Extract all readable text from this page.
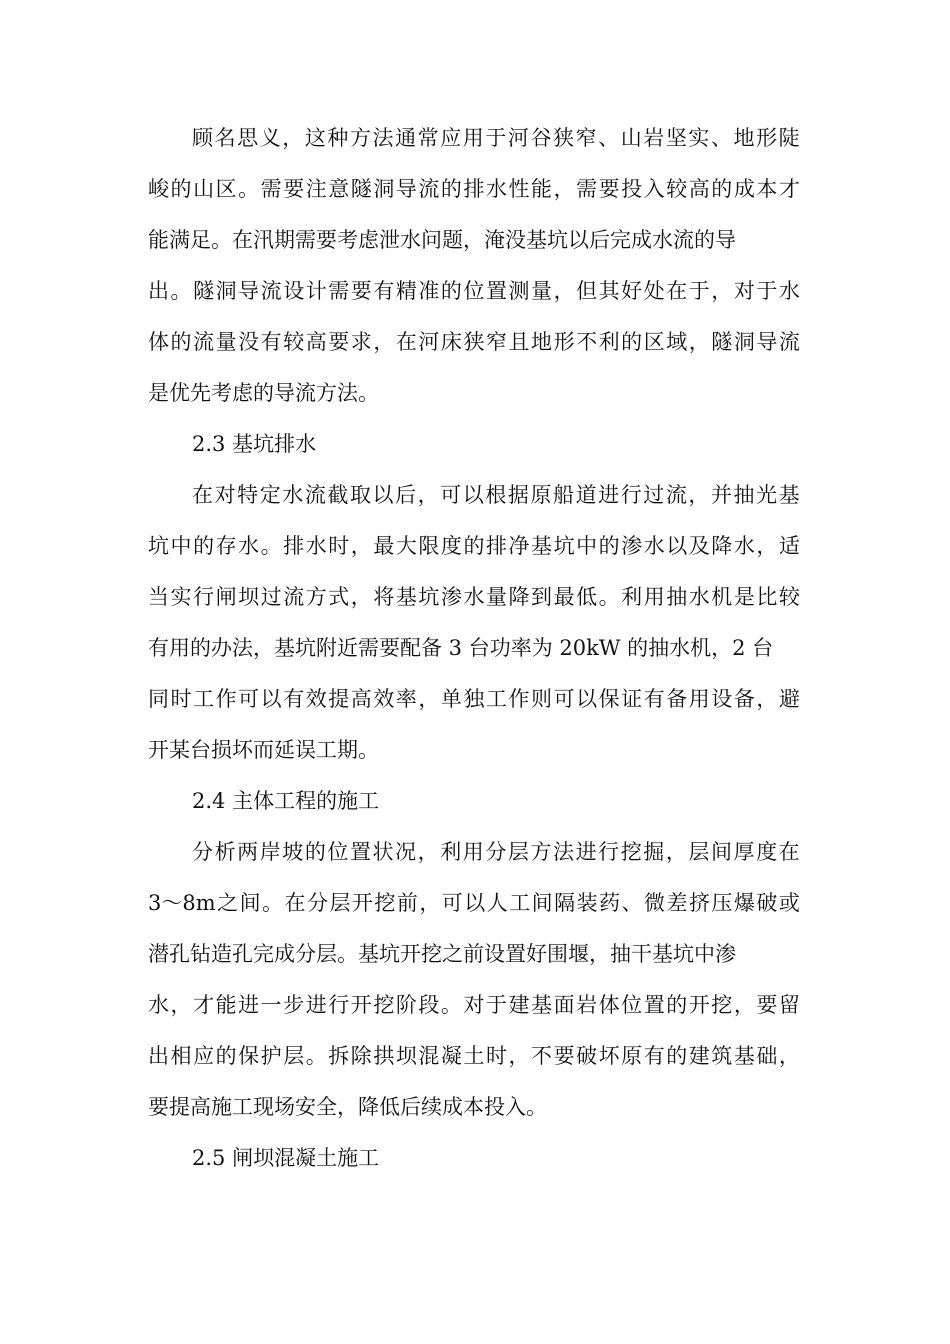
顾 名 思 义 ， 这 种 方 法 通 常 应 用 于 河 谷 狭 窄 、 山 岩 坚 实 、 地 形 陡
峻 的 山 区 。 需 要 注 意 隧 洞 导 流 的 排 水 性 能 ， 需 要 投 入 较 高 的 成 本 才
能满足。在汛期需要考虑泄水问题，淹没基坑以后完成水流的导
出 。 隧 洞 导 流 设 计 需 要 有 精 准 的 位 置 测 量 ， 但 其 好 处 在 于 ， 对 于 水
体 的 流 量 没 有 较 高 要 求 ， 在 河 床 狭 窄 且 地 形 不 利 的 区 域 ， 隧 洞 导 流
是优先考虑的导流方法。
2.3 基坑排水
在 对 特 定 水 流 截 取 以 后 ， 可 以 根 据 原 船 道 进 行 过 流 ， 并 抽 光 基
坑 中 的 存 水 。 排 水 时 ， 最 大 限 度 的 排 净 基 坑 中 的 渗 水 以 及 降 水 ， 适
当 实 行 闸 坝 过 流 方 式 ， 将 基 坑 渗 水 量 降 到 最 低 。 利 用 抽 水 机 是 比 较
有用的办法，基坑附近需要配备 3 台功率为 20kW 的抽水机，2 台
同 时 工 作 可 以 有 效 提 高 效 率 ， 单 独 工 作 则 可 以 保 证 有 备 用 设 备 ， 避
开某台损坏而延误工期。
2.4 主体工程的施工
分 析 两 岸 坡 的 位 置 状 况 ， 利 用 分 层 方 法 进 行 挖 掘 ， 层 间 厚 度 在
3～8m 之 间 。 在 分 层 开 挖 前 ， 可 以 人 工 间 隔 装 药 、 微 差 挤 压 爆 破 或
潜孔钻造孔完成分层。基坑开挖之前设置好围堰，抽干基坑中渗
水 ， 才 能 进 一 步 进 行 开 挖 阶 段 。 对 于 建 基 面 岩 体 位 置 的 开 挖 ， 要 留
出 相 应 的 保 护 层 。 拆 除 拱 坝 混 凝 土 时 ， 不 要 破 坏 原 有 的 建 筑 基 础 ，
要提高施工现场安全，降低后续成本投入。
2.5 闸坝混凝土施工
